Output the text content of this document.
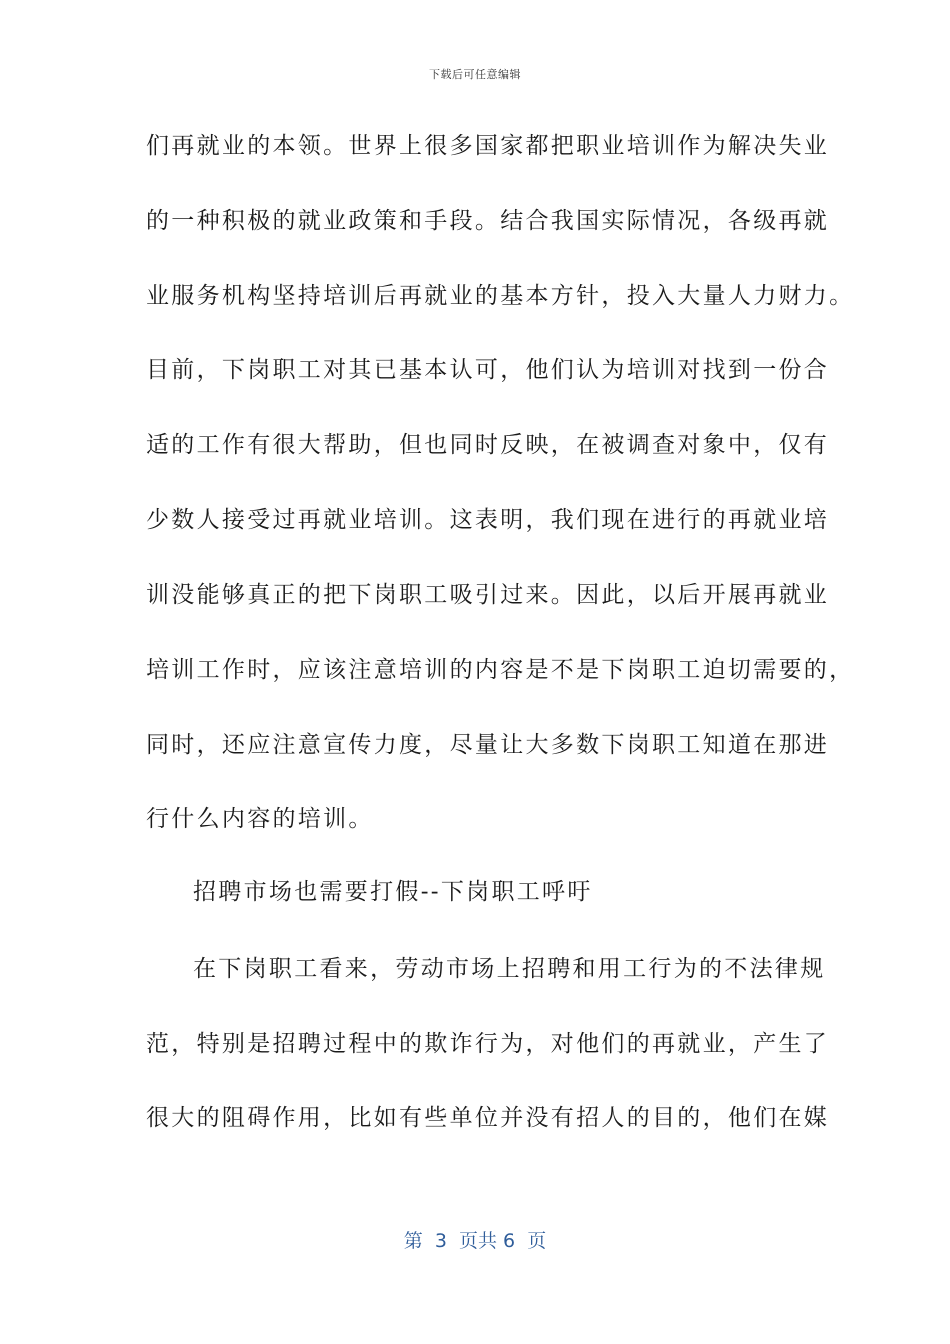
下载后可任意编辑
们再就业的本领。世界上很多国家都把职业培训作为解决失业
的一种积极的就业政策和手段。结合我国实际情况，各级再就
业服务机构坚持培训后再就业的基本方针，投入大量人力财力。
目前，下岗职工对其已基本认可，他们认为培训对找到一份合
适的工作有很大帮助，但也同时反映，在被调查对象中，仅有
少数人接受过再就业培训。这表明，我们现在进行的再就业培
训没能够真正的把下岗职工吸引过来。因此，以后开展再就业
培训工作时，应该注意培训的内容是不是下岗职工迫切需要的，
同时，还应注意宣传力度，尽量让大多数下岗职工知道在那进
行什么内容的培训。
招聘市场也需要打假--下岗职工呼吁
在下岗职工看来，劳动市场上招聘和用工行为的不法律规
范，特别是招聘过程中的欺诈行为，对他们的再就业，产生了
很大的阻碍作用，比如有些单位并没有招人的目的，他们在媒
第  3  页共 6  页
